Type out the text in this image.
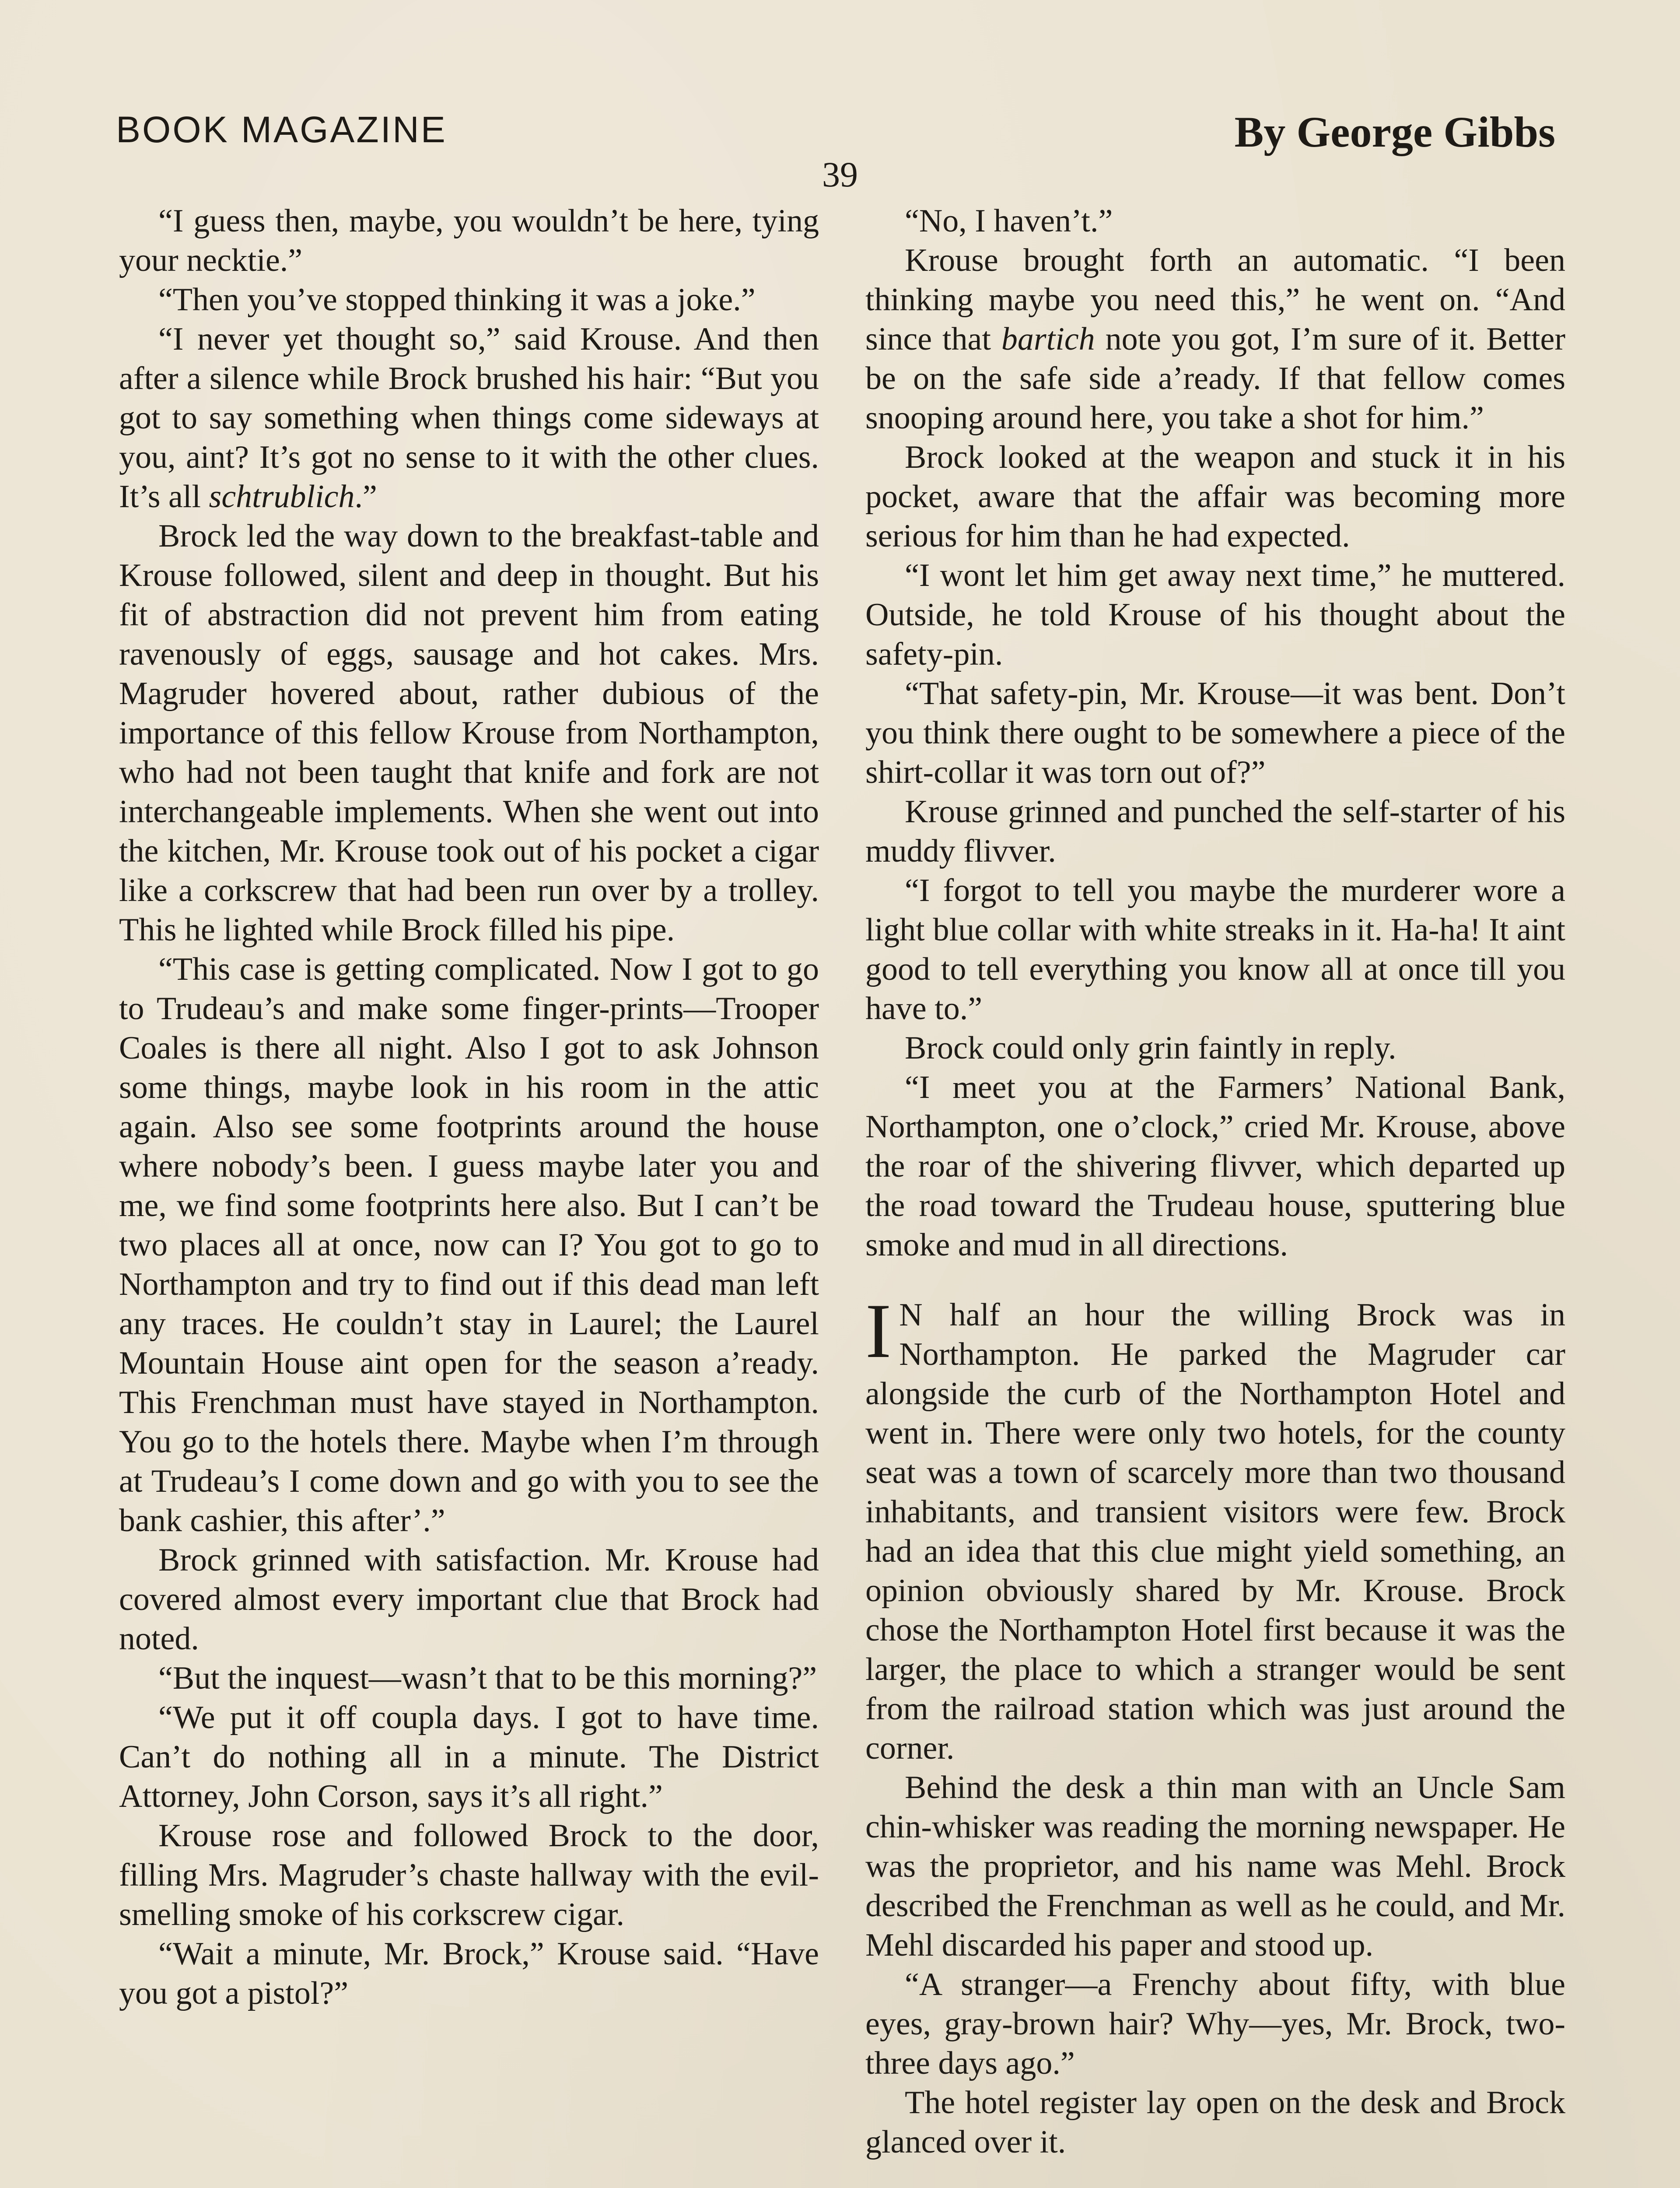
BOOK MAGAZINE	By George Gibbs
39

“I guess then, maybe, you wouldn’t be here, tying your necktie.”

“Then you’ve stopped thinking it was a joke.”

“I never yet thought so,” said Krouse. And then after a silence while Brock brushed his hair: “But you got to say something when things come sideways at you, aint? It’s got no sense to it with the other clues. It’s all schtrublich.”

Brock led the way down to the breakfast-table and Krouse followed, silent and deep in thought. But his fit of abstraction did not prevent him from eating ravenously of eggs, sausage and hot cakes. Mrs. Magruder hovered about, rather dubious of the importance of this fellow Krouse from Northampton, who had not been taught that knife and fork are not interchangeable implements. When she went out into the kitchen, Mr. Krouse took out of his pocket a cigar like a corkscrew that had been run over by a trolley. This he lighted while Brock filled his pipe.

“This case is getting complicated. Now I got to go to Trudeau’s and make some finger-prints—Trooper Coales is there all night. Also I got to ask Johnson some things, maybe look in his room in the attic again. Also see some footprints around the house where nobody’s been. I guess maybe later you and me, we find some footprints here also. But I can’t be two places all at once, now can I? You got to go to Northampton and try to find out if this dead man left any traces. He couldn’t stay in Laurel; the Laurel Mountain House aint open for the season a’ready. This Frenchman must have stayed in Northampton. You go to the hotels there. Maybe when I’m through at Trudeau’s I come down and go with you to see the bank cashier, this after’.”

Brock grinned with satisfaction. Mr. Krouse had covered almost every important clue that Brock had noted.

“But the inquest—wasn’t that to be this morning?”

“We put it off coupla days. I got to have time. Can’t do nothing all in a minute. The District Attorney, John Corson, says it’s all right.”

Krouse rose and followed Brock to the door, filling Mrs. Magruder’s chaste hallway with the evil-smelling smoke of his corkscrew cigar.

“Wait a minute, Mr. Brock,” Krouse said. “Have you got a pistol?”

“No, I haven’t.”

Krouse brought forth an automatic. “I been thinking maybe you need this,” he went on. “And since that bartich note you got, I’m sure of it. Better be on the safe side a’ready. If that fellow comes snooping around here, you take a shot for him.”

Brock looked at the weapon and stuck it in his pocket, aware that the affair was becoming more serious for him than he had expected.

“I wont let him get away next time,” he muttered. Outside, he told Krouse of his thought about the safety-pin.

“That safety-pin, Mr. Krouse—it was bent. Don’t you think there ought to be somewhere a piece of the shirt-collar it was torn out of?”

Krouse grinned and punched the self-starter of his muddy flivver.

“I forgot to tell you maybe the murderer wore a light blue collar with white streaks in it. Ha-ha! It aint good to tell everything you know all at once till you have to.”

Brock could only grin faintly in reply.

“I meet you at the Farmers’ National Bank, Northampton, one o’clock,” cried Mr. Krouse, above the roar of the shivering flivver, which departed up the road toward the Trudeau house, sputtering blue smoke and mud in all directions.

I N half an hour the willing Brock was in Northampton. He parked the Magruder car alongside the curb of the Northampton Hotel and went in. There were only two hotels, for the county seat was a town of scarcely more than two thousand inhabitants, and transient visitors were few. Brock had an idea that this clue might yield something, an opinion obviously shared by Mr. Krouse. Brock chose the Northampton Hotel first because it was the larger, the place to which a stranger would be sent from the railroad station which was just around the corner.

Behind the desk a thin man with an Uncle Sam chin-whisker was reading the morning newspaper. He was the proprietor, and his name was Mehl. Brock described the Frenchman as well as he could, and Mr. Mehl discarded his paper and stood up.

“A stranger—a Frenchy about fifty, with blue eyes, gray-brown hair? Why—yes, Mr. Brock, two-three days ago.”

The hotel register lay open on the desk and Brock glanced over it.
